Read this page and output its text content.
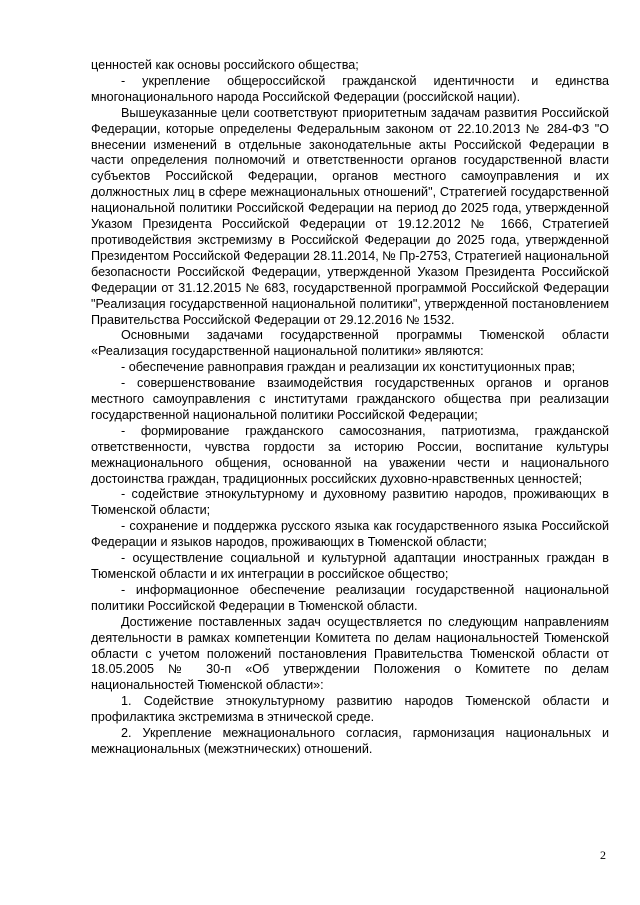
ценностей как основы российского общества;

- укрепление общероссийской гражданской идентичности и единства многонационального народа Российской Федерации (российской нации).

Вышеуказанные цели соответствуют приоритетным задачам развития Российской Федерации, которые определены Федеральным законом от 22.10.2013 № 284-ФЗ "О внесении изменений в отдельные законодательные акты Российской Федерации в части определения полномочий и ответственности органов государственной власти субъектов Российской Федерации, органов местного самоуправления и их должностных лиц в сфере межнациональных отношений", Стратегией государственной национальной политики Российской Федерации на период до 2025 года, утвержденной Указом Президента Российской Федерации от 19.12.2012 № 1666, Стратегией противодействия экстремизму в Российской Федерации до 2025 года, утвержденной Президентом Российской Федерации 28.11.2014, № Пр-2753, Стратегией национальной безопасности Российской Федерации, утвержденной Указом Президента Российской Федерации от 31.12.2015 № 683, государственной программой Российской Федерации "Реализация государственной национальной политики", утвержденной постановлением Правительства Российской Федерации от 29.12.2016 № 1532.

Основными задачами государственной программы Тюменской области «Реализация государственной национальной политики» являются:

- обеспечение равноправия граждан и реализации их конституционных прав;

- совершенствование взаимодействия государственных органов и органов местного самоуправления с институтами гражданского общества при реализации государственной национальной политики Российской Федерации;

- формирование гражданского самосознания, патриотизма, гражданской ответственности, чувства гордости за историю России, воспитание культуры межнационального общения, основанной на уважении чести и национального достоинства граждан, традиционных российских духовно-нравственных ценностей;

- содействие этнокультурному и духовному развитию народов, проживающих в Тюменской области;

- сохранение и поддержка русского языка как государственного языка Российской Федерации и языков народов, проживающих в Тюменской области;

- осуществление социальной и культурной адаптации иностранных граждан в Тюменской области и их интеграции в российское общество;

- информационное обеспечение реализации государственной национальной политики Российской Федерации в Тюменской области.

Достижение поставленных задач осуществляется по следующим направлениям деятельности в рамках компетенции Комитета по делам национальностей Тюменской области с учетом положений постановления Правительства Тюменской области от 18.05.2005 № 30-п «Об утверждении Положения о Комитете по делам национальностей Тюменской области»:

1. Содействие этнокультурному развитию народов Тюменской области и профилактика экстремизма в этнической среде.

2. Укрепление межнационального согласия, гармонизация национальных и межнациональных (межэтнических) отношений.

2
